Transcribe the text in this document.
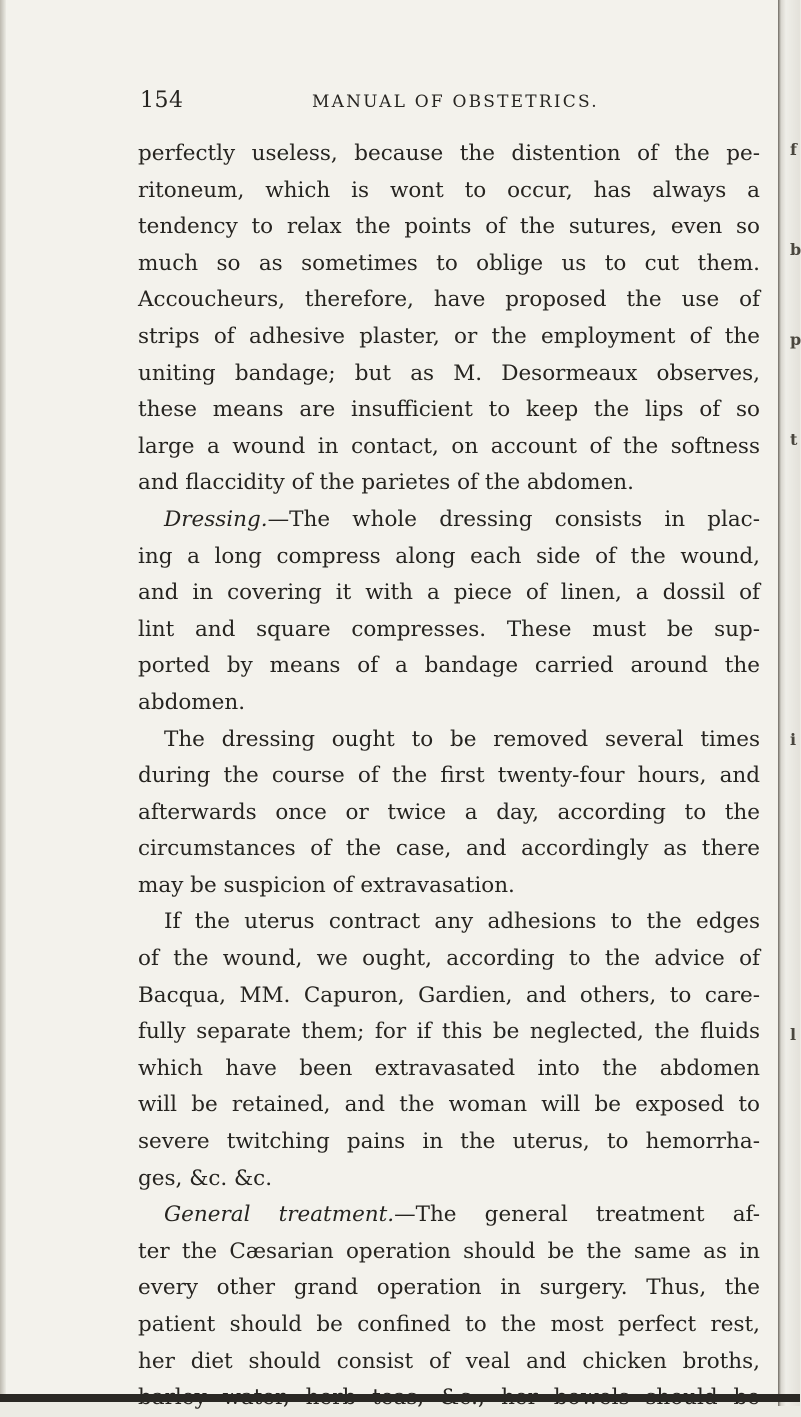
154	MANUAL OF OBSTETRICS.
perfectly useless, because the distention of the pe-
ritoneum, which is wont to occur, has always a
tendency to relax the points of the sutures, even so
much so as sometimes to oblige us to cut them.
Accoucheurs, therefore, have proposed the use of
strips of adhesive plaster, or the employment of the
uniting bandage; but as M. Desormeaux observes,
these means are insufficient to keep the lips of so
large a wound in contact, on account of the softness
and flaccidity of the parietes of the abdomen.
Dressing.—The whole dressing consists in plac-
ing a long compress along each side of the wound,
and in covering it with a piece of linen, a dossil of
lint and square compresses. These must be sup-
ported by means of a bandage carried around the
abdomen.
The dressing ought to be removed several times
during the course of the first twenty-four hours, and
afterwards once or twice a day, according to the
circumstances of the case, and accordingly as there
may be suspicion of extravasation.
If the uterus contract any adhesions to the edges
of the wound, we ought, according to the advice of
Bacqua, MM. Capuron, Gardien, and others, to care-
fully separate them; for if this be neglected, the fluids
which have been extravasated into the abdomen
will be retained, and the woman will be exposed to
severe twitching pains in the uterus, to hemorrha-
ges, &c. &c.
General treatment.—The general treatment af-
ter the Cæsarian operation should be the same as in
every other grand operation in surgery. Thus, the
patient should be confined to the most perfect rest,
her diet should consist of veal and chicken broths,
f
b
p
t
i
l
